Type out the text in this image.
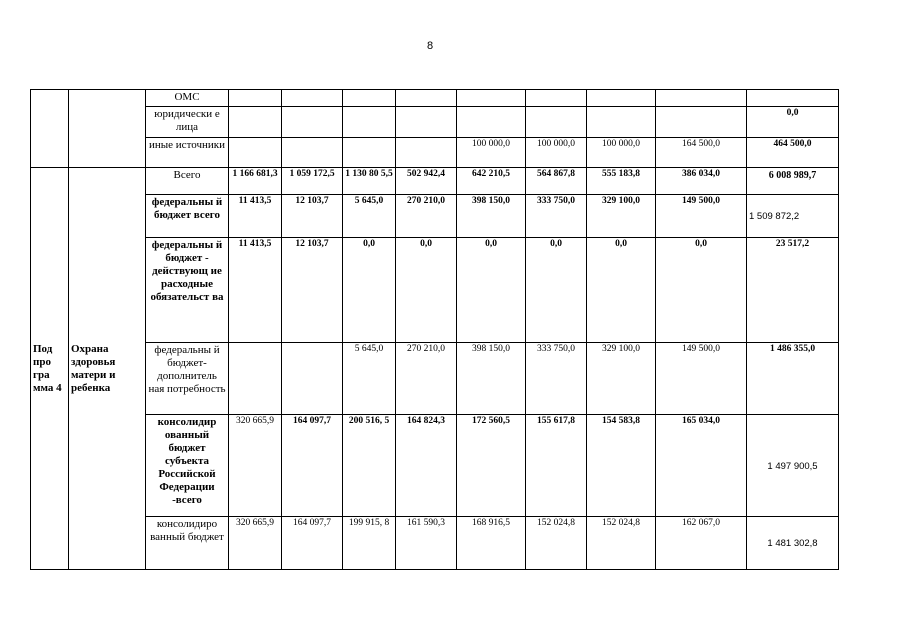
8
		ОМС									
		юридически е лица									0,0
		иные источники					100 000,0	100 000,0	100 000,0	164 500,0	464 500,0
Под про гра мма 4	Охрана здоровья матери и ребенка	Всего	1 166 681,3	1 059 172,5	1 130 80 5,5	502 942,4	642 210,5	564 867,8	555 183,8	386 034,0	6 008 989,7
		федеральны й бюджет всего	11 413,5	12 103,7	5 645,0	270 210,0	398 150,0	333 750,0	329 100,0	149 500,0	1 509 872,2
		федеральны й бюджет - действующ ие расходные обязательст ва	11 413,5	12 103,7	0,0	0,0	0,0	0,0	0,0	0,0	23 517,2
		федеральны й бюджет-дополнитель ная потребность			5 645,0	270 210,0	398 150,0	333 750,0	329 100,0	149 500,0	1 486 355,0
		консолидир ованный бюджет субъекта Российской Федерации -всего	320 665,9	164 097,7	200 516, 5	164 824,3	172 560,5	155 617,8	154 583,8	165 034,0	1 497 900,5
		консолидиро ванный бюджет	320 665,9	164 097,7	199 915, 8	161 590,3	168 916,5	152 024,8	152 024,8	162 067,0	1 481 302,8
